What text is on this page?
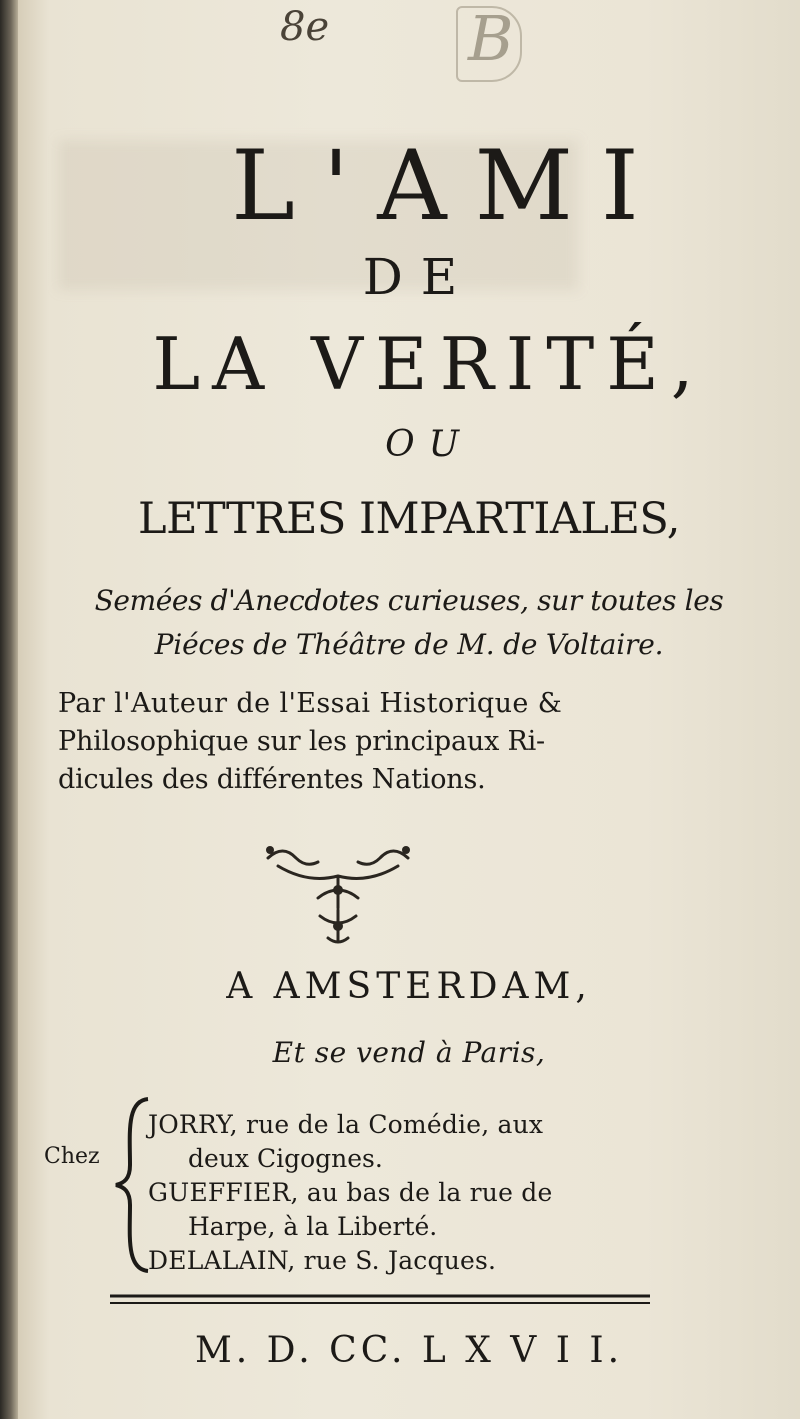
8e B
L'AMI
DE
LA VERITÉ,
OU
LETTRES IMPARTIALES,
Semées d'Anecdotes curieuses, sur toutes les
Piéces de Théâtre de M. de Voltaire.
Par l'Auteur de l'Essai Historique &
Philosophique sur les principaux Ri-
dicules des différentes Nations.
A AMSTERDAM,
Et se vend à Paris,
Chez
JORRY, rue de la Comédie, aux
deux Cigognes.
GUEFFIER, au bas de la rue de
Harpe, à la Liberté.
DELALAIN, rue S. Jacques.
M. D. CC. L X V I I.
